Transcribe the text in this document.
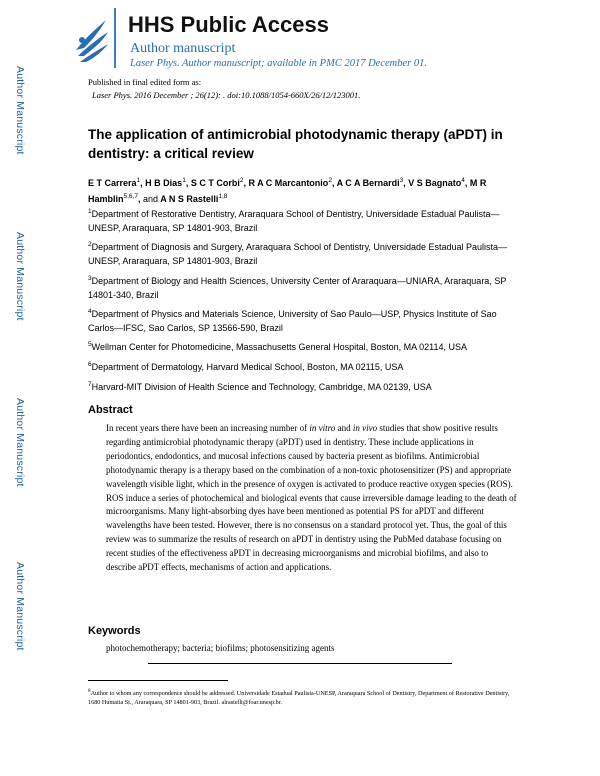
Author Manuscript
Author Manuscript
Author Manuscript
Author Manuscript
HHS Public Access
Author manuscript
Laser Phys. Author manuscript; available in PMC 2017 December 01.
Published in final edited form as:
Laser Phys. 2016 December ; 26(12): . doi:10.1088/1054-660X/26/12/123001.
The application of antimicrobial photodynamic therapy (aPDT) in dentistry: a critical review
E T Carrera$^1$, H B Dias$^1$, S C T Corbi$^2$, R A C Marcantonio$^2$, A C A Bernardi$^3$, V S Bagnato$^4$, M R Hamblin$^{5,6,7}$, and A N S Rastelli$^{1,8}$
$^1$Department of Restorative Dentistry, Araraquara School of Dentistry, Universidade Estadual Paulista—UNESP, Araraquara, SP 14801-903, Brazil
$^2$Department of Diagnosis and Surgery, Araraquara School of Dentistry, Universidade Estadual Paulista—UNESP, Araraquara, SP 14801-903, Brazil
$^3$Department of Biology and Health Sciences, University Center of Araraquara—UNIARA, Araraquara, SP 14801-340, Brazil
$^4$Department of Physics and Materials Science, University of Sao Paulo—USP, Physics Institute of Sao Carlos—IFSC, Sao Carlos, SP 13566-590, Brazil
$^5$Wellman Center for Photomedicine, Massachusetts General Hospital, Boston, MA 02114, USA
$^6$Department of Dermatology, Harvard Medical School, Boston, MA 02115, USA
$^7$Harvard-MIT Division of Health Science and Technology, Cambridge, MA 02139, USA
Abstract
In recent years there have been an increasing number of in vitro and in vivo studies that show positive results regarding antimicrobial photodynamic therapy (aPDT) used in dentistry. These include applications in periodontics, endodontics, and mucosal infections caused by bacteria present as biofilms. Antimicrobial photodynamic therapy is a therapy based on the combination of a non-toxic photosensitizer (PS) and appropriate wavelength visible light, which in the presence of oxygen is activated to produce reactive oxygen species (ROS). ROS induce a series of photochemical and biological events that cause irreversible damage leading to the death of microorganisms. Many light-absorbing dyes have been mentioned as potential PS for aPDT and different wavelengths have been tested. However, there is no consensus on a standard protocol yet. Thus, the goal of this review was to summarize the results of research on aPDT in dentistry using the PubMed database focusing on recent studies of the effectiveness aPDT in decreasing microorganisms and microbial biofilms, and also to describe aPDT effects, mechanisms of action and applications.
Keywords
photochemotherapy; bacteria; biofilms; photosensitizing agents
$^8$Author to whom any correspondence should be addressed. Universidade Estadual Paulista-UNESP, Araraquara School of Dentistry, Department of Restorative Dentistry, 1680 Humaita St., Araraquara, SP 14801-903, Brazil. alrastelli@foar.unesp.br.
